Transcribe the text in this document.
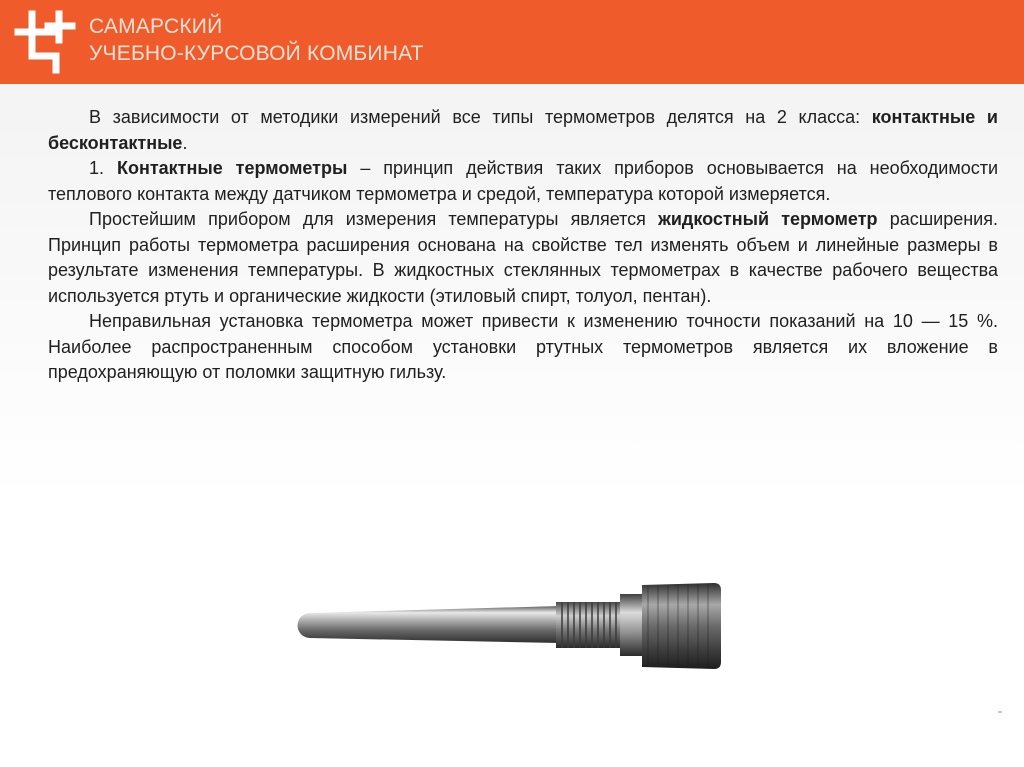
САМАРСКИЙ
УЧЕБНО-КУРСОВОЙ КОМБИНАТ

В зависимости от методики измерений все типы термометров делятся на 2 класса: контактные и бесконтактные.

1. Контактные термометры – принцип действия таких приборов основывается на необходимости теплового контакта между датчиком термометра и средой, температура которой измеряется.

Простейшим прибором для измерения температуры является жидкостный термометр расширения. Принцип работы термометра расширения основана на свойстве тел изменять объем и линейные размеры в результате изменения температуры. В жидкостных стеклянных термометрах в качестве рабочего вещества используется ртуть и органические жидкости (этиловый спирт, толуол, пентан).

Неправильная установка термометра может привести к изменению точности показаний на 10 — 15 %. Наиболее распространенным способом установки ртутных термометров является их вложение в предохраняющую от поломки защитную гильзу.
